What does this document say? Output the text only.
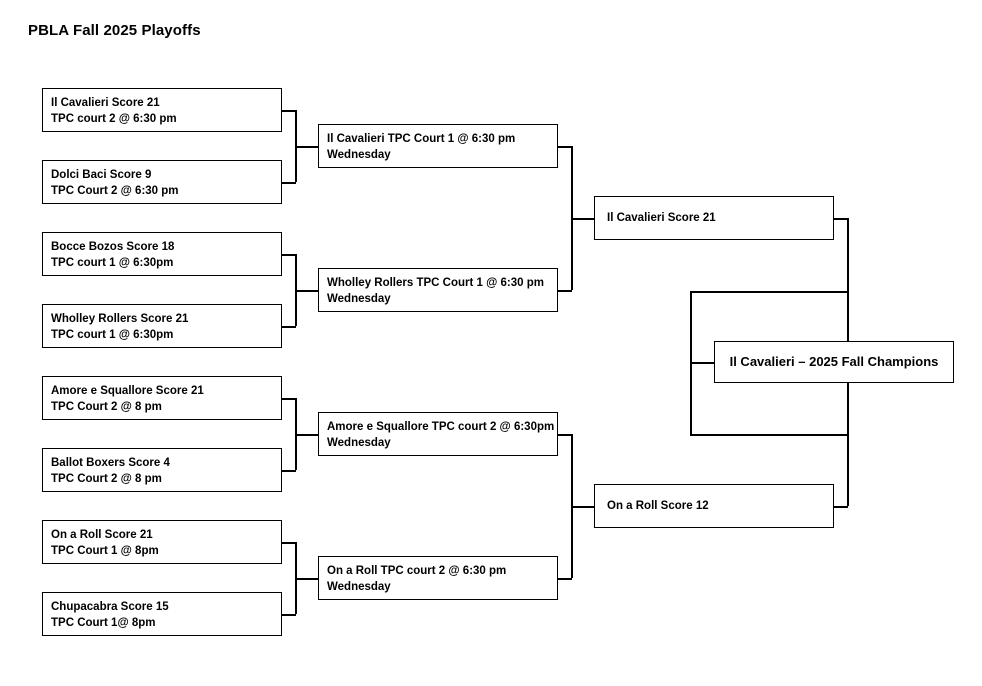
PBLA Fall 2025 Playoffs
Il Cavalieri Score 21
TPC court 2 @ 6:30 pm
Dolci Baci Score 9
TPC Court 2 @ 6:30 pm
Bocce Bozos Score 18
TPC court 1 @ 6:30pm
Wholley Rollers Score 21
TPC court 1 @ 6:30pm
Amore e Squallore Score 21
TPC Court 2 @ 8 pm
Ballot Boxers Score 4
TPC Court 2 @ 8 pm
On a Roll Score 21
TPC Court 1 @ 8pm
Chupacabra Score 15
TPC Court 1@ 8pm
Il Cavalieri TPC Court 1 @ 6:30 pm
Wednesday
Wholley Rollers TPC Court 1 @ 6:30 pm
Wednesday
Amore e Squallore TPC court 2 @ 6:30pm
Wednesday
On a Roll TPC court 2 @ 6:30 pm
Wednesday
Il Cavalieri Score 21
On a Roll Score 12
Il Cavalieri – 2025 Fall Champions
